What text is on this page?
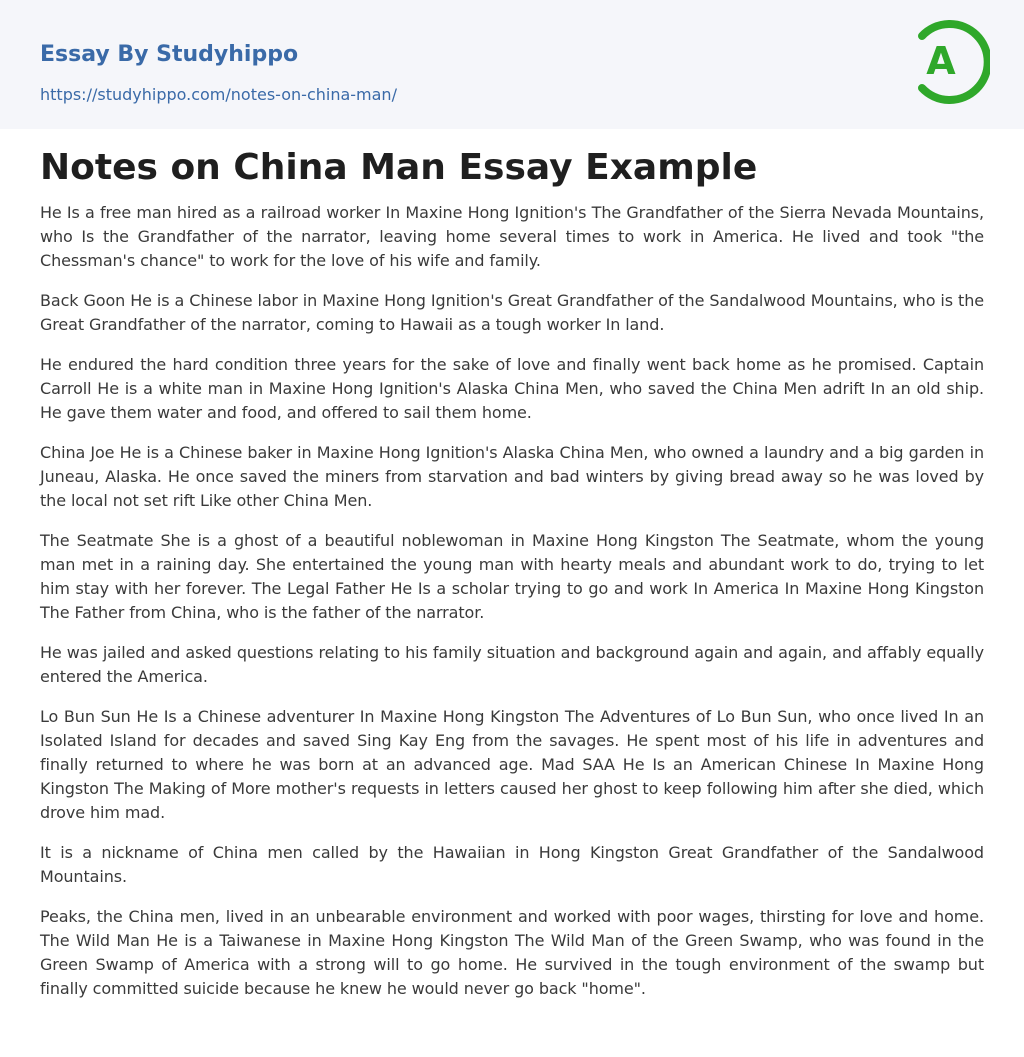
Essay By Studyhippo
https://studyhippo.com/notes-on-china-man/
A
Notes on China Man Essay Example

He Is a free man hired as a railroad worker In Maxine Hong Ignition's The Grandfather of the Sierra Nevada Mountains, who Is the Grandfather of the narrator, leaving home several times to work in America. He lived and took "the Chessman's chance" to work for the love of his wife and family.

Back Goon He is a Chinese labor in Maxine Hong Ignition's Great Grandfather of the Sandalwood Mountains, who is the Great Grandfather of the narrator, coming to Hawaii as a tough worker In land.

He endured the hard condition three years for the sake of love and finally went back home as he promised. Captain Carroll He is a white man in Maxine Hong Ignition's Alaska China Men, who saved the China Men adrift In an old ship. He gave them water and food, and offered to sail them home.

China Joe He is a Chinese baker in Maxine Hong Ignition's Alaska China Men, who owned a laundry and a big garden in Juneau, Alaska. He once saved the miners from starvation and bad winters by giving bread away so he was loved by the local not set rift Like other China Men.

The Seatmate She is a ghost of a beautiful noblewoman in Maxine Hong Kingston The Seatmate, whom the young man met in a raining day. She entertained the young man with hearty meals and abundant work to do, trying to let him stay with her forever. The Legal Father He Is a scholar trying to go and work In America In Maxine Hong Kingston The Father from China, who is the father of the narrator.

He was jailed and asked questions relating to his family situation and background again and again, and affably equally entered the America.

Lo Bun Sun He Is a Chinese adventurer In Maxine Hong Kingston The Adventures of Lo Bun Sun, who once lived In an Isolated Island for decades and saved Sing Kay Eng from the savages. He spent most of his life in adventures and finally returned to where he was born at an advanced age. Mad SAA He Is an American Chinese In Maxine Hong Kingston The Making of More mother's requests in letters caused her ghost to keep following him after she died, which drove him mad.

It is a nickname of China men called by the Hawaiian in Hong Kingston Great Grandfather of the Sandalwood Mountains.

Peaks, the China men, lived in an unbearable environment and worked with poor wages, thirsting for love and home. The Wild Man He is a Taiwanese in Maxine Hong Kingston The Wild Man of the Green Swamp, who was found in the Green Swamp of America with a strong will to go home. He survived in the tough environment of the swamp but finally committed suicide because he knew he would never go back "home".
